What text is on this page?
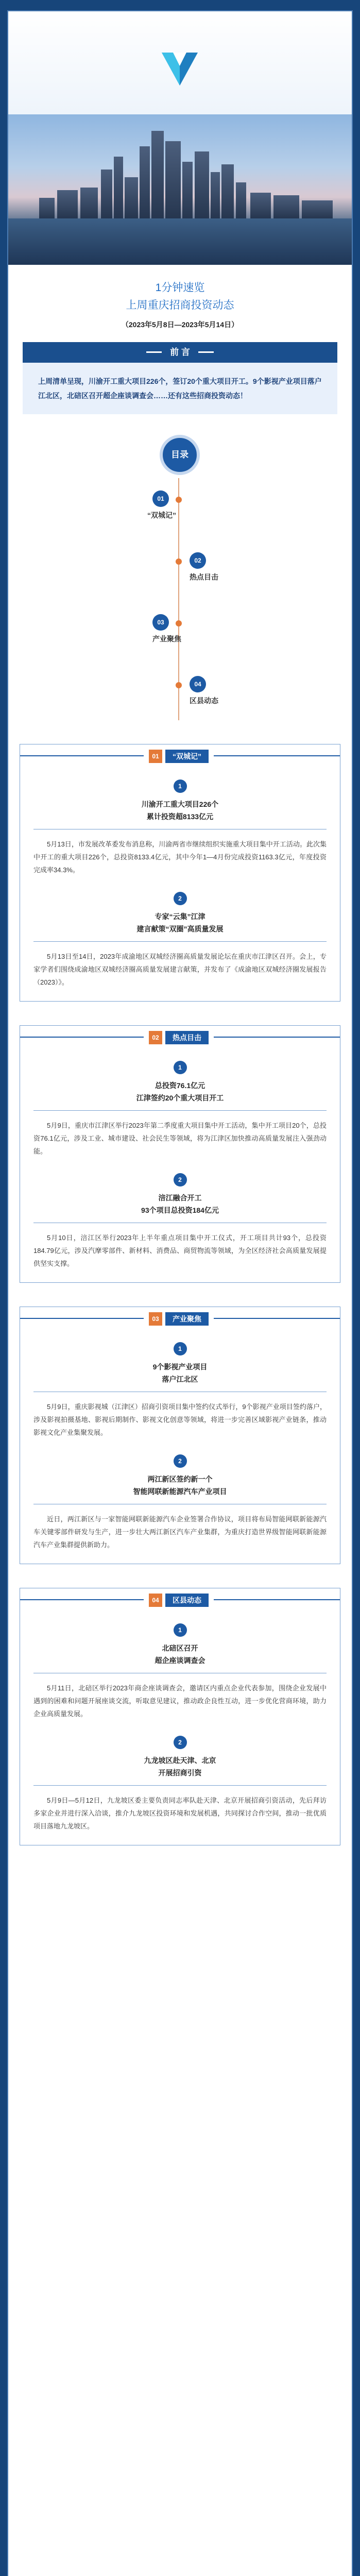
1分钟速览
上周重庆招商投资动态
（2023年5月8日—2023年5月14日）
前 言
上周清单呈现，川渝开工重大项目226个，签订20个重大项目开工。9个影视产业项目落户江北区，北碚区召开超企座谈调查会……还有这些招商投资动态！
目录
01
“双城记”
02
热点目击
03
产业聚焦
04
区县动态
01	“双城记”
1
川渝开工重大项目226个
累计投资超8133亿元

5月13日，市发展改革委发布消息称，川渝两省市继续组织实施重大项目集中开工活动。此次集中开工的重大项目226个，总投资8133.4亿元，其中今年1—4月份完成投资1163.3亿元，年度投资完成率34.3%。

2
专家“云集”江津
建言献策“双圈”高质量发展

5月13日至14日，2023年成渝地区双城经济圈高质量发展论坛在重庆市江津区召开。会上，专家学者们围绕成渝地区双城经济圈高质量发展建言献策，并发布了《成渝地区双城经济圈发展报告（2023）》。

02	热点目击
1
总投资76.1亿元
江津签约20个重大项目开工

5月9日，重庆市江津区举行2023年第二季度重大项目集中开工活动，集中开工项目20个，总投资76.1亿元，涉及工业、城市建设、社会民生等领域，将为江津区加快推动高质量发展注入强劲动能。

2
涪江融合开工
93个项目总投资184亿元

5月10日，涪江区举行2023年上半年重点项目集中开工仪式，开工项目共计93个，总投资184.79亿元，涉及汽摩零部件、新材料、消费品、商贸物流等领域，为全区经济社会高质量发展提供坚实支撑。

03	产业聚焦
1
9个影视产业项目
落户江北区

5月9日，重庆影视城（江津区）招商引资项目集中签约仪式举行，9个影视产业项目签约落户，涉及影视拍摄基地、影视后期制作、影视文化创意等领域，将进一步完善区域影视产业链条，推动影视文化产业集聚发展。

2
两江新区签约新一个
智能网联新能源汽车产业项目

近日，两江新区与一家智能网联新能源汽车企业签署合作协议，项目将布局智能网联新能源汽车关键零部件研发与生产，进一步壮大两江新区汽车产业集群，为重庆打造世界级智能网联新能源汽车产业集群提供新助力。

04	区县动态
1
北碚区召开
超企座谈调查会

5月11日，北碚区举行2023年商企座谈调查会，邀请区内重点企业代表参加，围绕企业发展中遇到的困难和问题开展座谈交流，听取意见建议，推动政企良性互动，进一步优化营商环境，助力企业高质量发展。

2
九龙坡区赴天津、北京
开展招商引资

5月9日—5月12日，九龙坡区委主要负责同志率队赴天津、北京开展招商引资活动，先后拜访多家企业并进行深入洽谈，推介九龙坡区投资环境和发展机遇，共同探讨合作空间，推动一批优质项目落地九龙坡区。
